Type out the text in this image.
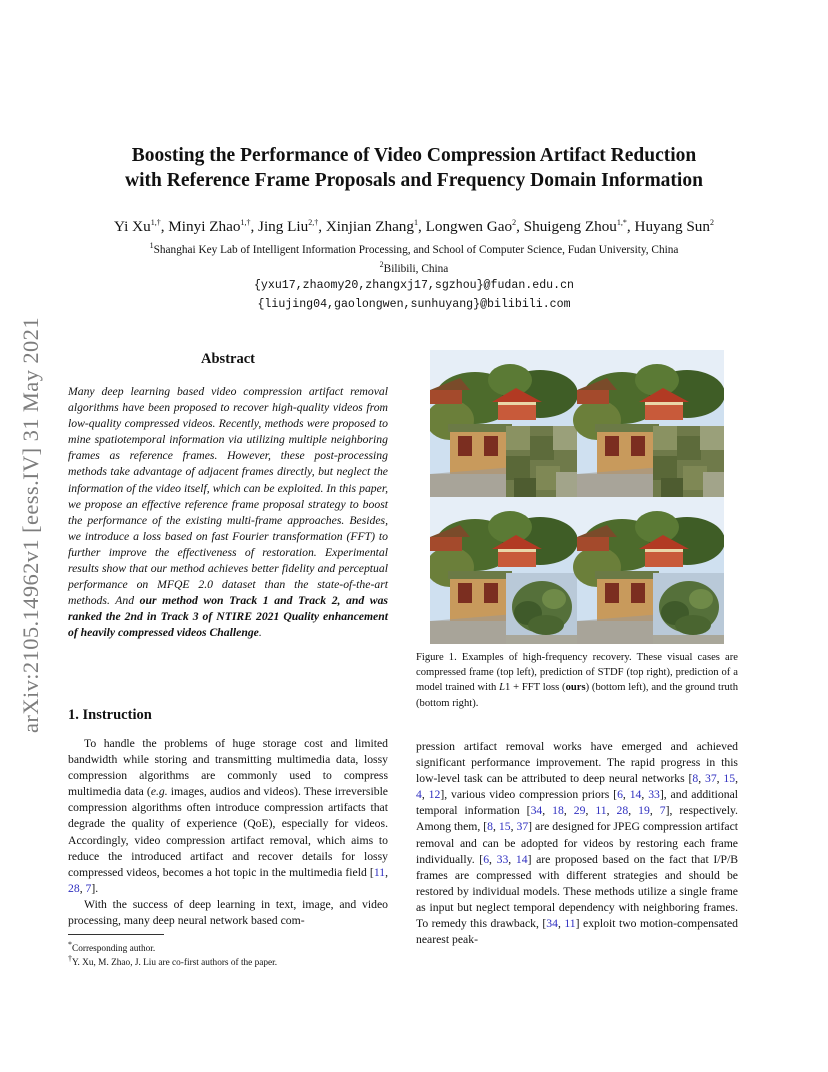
arXiv:2105.14962v1 [eess.IV] 31 May 2021
Boosting the Performance of Video Compression Artifact Reduction
with Reference Frame Proposals and Frequency Domain Information
Yi $Xu^{1,\dagger}$, Minyi Zhao$^{1,\dagger}$, Jing Liu$^{2,\dagger}$, Xinjian Zhang$^1$, Longwen Gao$^2$, Shuigeng Zhou$^{1,*}$, Huyang Sun$^2$
$^1$Shanghai Key Lab of Intelligent Information Processing, and School of Computer Science, Fudan University, China
$^2$Bilibili, China
{yxu17,zhaomy20,zhangxj17,sgzhou}@fudan.edu.cn
{liujing04,gaolongwen,sunhuyang}@bilibili.com
Abstract

Many deep learning based video compression artifact removal algorithms have been proposed to recover high-quality videos from low-quality compressed videos. Recently, methods were proposed to mine spatiotemporal information via utilizing multiple neighboring frames as reference frames. However, these post-processing methods take advantage of adjacent frames directly, but neglect the information of the video itself, which can be exploited. In this paper, we propose an effective reference frame proposal strategy to boost the performance of the existing multi-frame approaches. Besides, we introduce a loss based on fast Fourier transformation (FFT) to further improve the effectiveness of restoration. Experimental results show that our method achieves better fidelity and perceptual performance on MFQE 2.0 dataset than the state-of-the-art methods. And our method won Track 1 and Track 2, and was ranked the 2nd in Track 3 of NTIRE 2021 Quality enhancement of heavily compressed videos Challenge.

1. Instruction

To handle the problems of huge storage cost and limited bandwidth while storing and transmitting multimedia data, lossy compression algorithms are commonly used to compress multimedia data (e.g. images, audios and videos). These irreversible compression algorithms often introduce compression artifacts that degrade the quality of experience (QoE), especially for videos. Accordingly, video compression artifact removal, which aims to reduce the introduced artifact and recover details for lossy compressed videos, becomes a hot topic in the multimedia field [11, 28, 7].

With the success of deep learning in text, image, and video processing, many deep neural network based com-

*Corresponding author.
†Y. Xu, M. Zhao, J. Liu are co-first authors of the paper.

Figure 1. Examples of high-frequency recovery. These visual cases are compressed frame (top left), prediction of STDF (top right), prediction of a model trained with L1 + FFT loss (ours) (bottom left), and the ground truth (bottom right).

pression artifact removal works have emerged and achieved significant performance improvement. The rapid progress in this low-level task can be attributed to deep neural networks [8, 37, 15, 4, 12], various video compression priors [6, 14, 33], and additional temporal information [34, 18, 29, 11, 28, 19, 7], respectively. Among them, [8, 15, 37] are designed for JPEG compression artifact removal and can be adopted for videos by restoring each frame individually. [6, 33, 14] are proposed based on the fact that I/P/B frames are compressed with different strategies and should be restored by individual models. These methods utilize a single frame as input but neglect temporal dependency with neighboring frames. To remedy this drawback, [34, 11] exploit two motion-compensated nearest peak-
